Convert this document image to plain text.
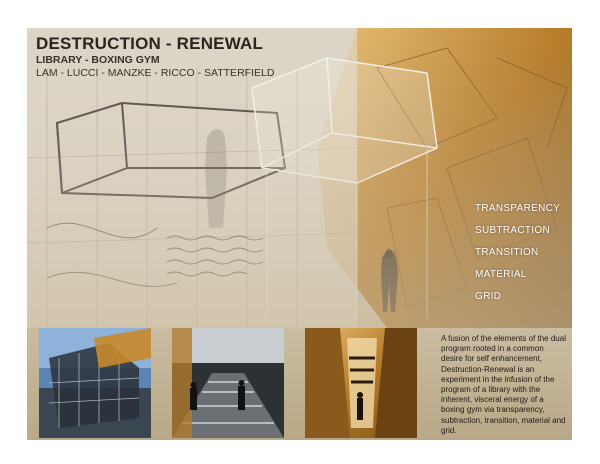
DESTRUCTION - RENEWAL
LIBRARY - BOXING GYM
LAM - LUCCI - MANZKE - RICCO - SATTERFIELD
TRANSPARENCY
SUBTRACTION
TRANSITION
MATERIAL
GRID
A fusion of the elements of the dual program rooted in a common desire for self enhancement, Destruction-Renewal is an experiment in the infusion of the program of a library with the inherent, visceral energy of a boxing gym via transparency, subtraction, transition, material and grid.
